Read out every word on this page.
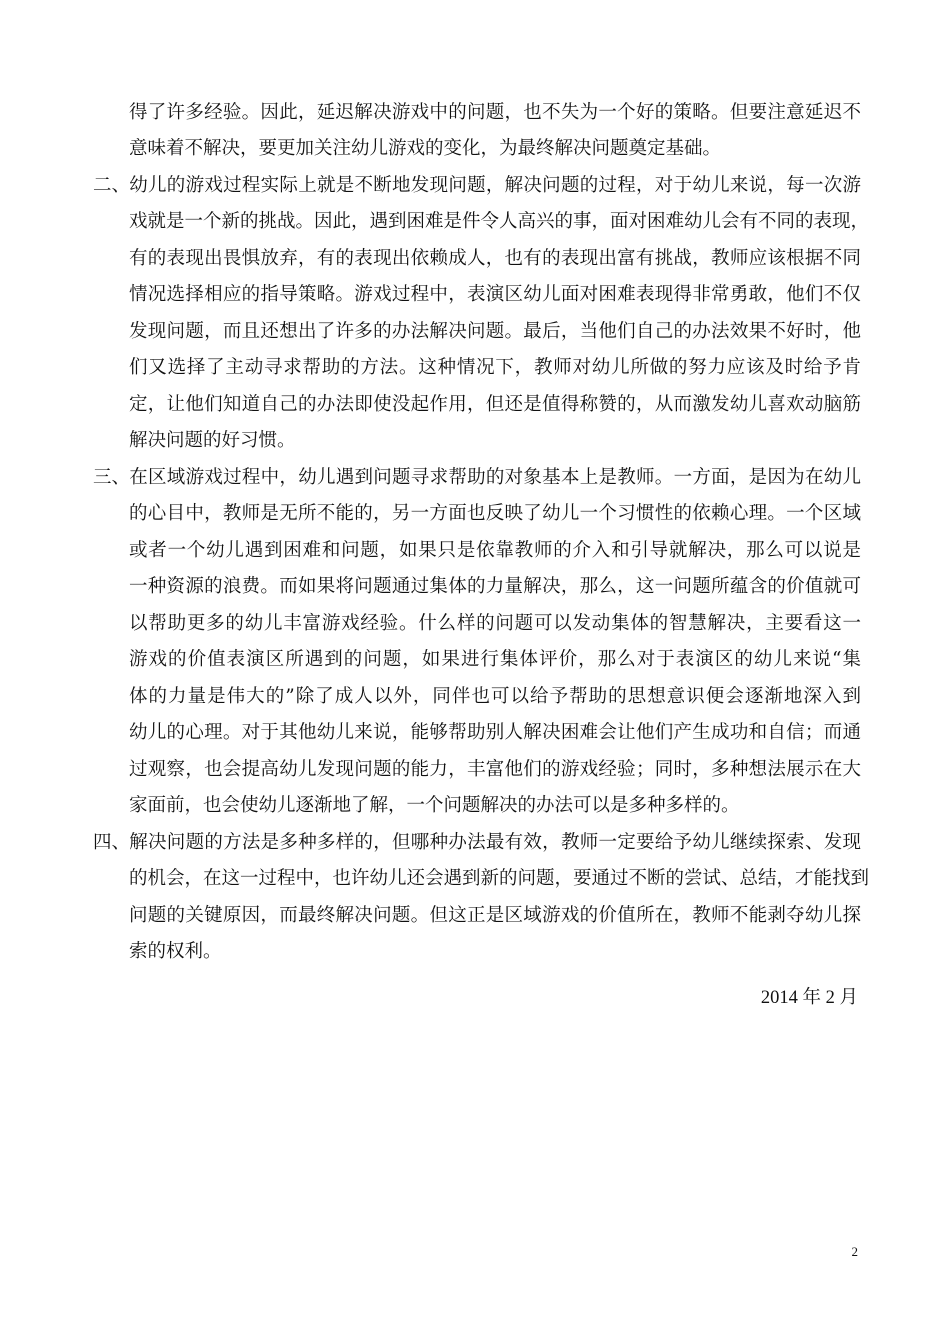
得了许多经验。因此，延迟解决游戏中的问题，也不失为一个好的策略。但要注意延迟不
意味着不解决，要更加关注幼儿游戏的变化，为最终解决问题奠定基础。
二、幼儿的游戏过程实际上就是不断地发现问题，解决问题的过程，对于幼儿来说，每一次游
戏就是一个新的挑战。因此，遇到困难是件令人高兴的事，面对困难幼儿会有不同的表现，
有的表现出畏惧放弃，有的表现出依赖成人，也有的表现出富有挑战，教师应该根据不同
情况选择相应的指导策略。游戏过程中，表演区幼儿面对困难表现得非常勇敢，他们不仅
发现问题，而且还想出了许多的办法解决问题。最后，当他们自己的办法效果不好时，他
们又选择了主动寻求帮助的方法。这种情况下，教师对幼儿所做的努力应该及时给予肯
定，让他们知道自己的办法即使没起作用，但还是值得称赞的，从而激发幼儿喜欢动脑筋
解决问题的好习惯。
三、在区域游戏过程中，幼儿遇到问题寻求帮助的对象基本上是教师。一方面，是因为在幼儿
的心目中，教师是无所不能的，另一方面也反映了幼儿一个习惯性的依赖心理。一个区域
或者一个幼儿遇到困难和问题，如果只是依靠教师的介入和引导就解决，那么可以说是
一种资源的浪费。而如果将问题通过集体的力量解决，那么，这一问题所蕴含的价值就可
以帮助更多的幼儿丰富游戏经验。什么样的问题可以发动集体的智慧解决，主要看这一
游戏的价值表演区所遇到的问题，如果进行集体评价，那么对于表演区的幼儿来说“集
体的力量是伟大的”除了成人以外，同伴也可以给予帮助的思想意识便会逐渐地深入到
幼儿的心理。对于其他幼儿来说，能够帮助别人解决困难会让他们产生成功和自信；而通
过观察，也会提高幼儿发现问题的能力，丰富他们的游戏经验；同时，多种想法展示在大
家面前，也会使幼儿逐渐地了解，一个问题解决的办法可以是多种多样的。
四、解决问题的方法是多种多样的，但哪种办法最有效，教师一定要给予幼儿继续探索、发现
的机会，在这一过程中，也许幼儿还会遇到新的问题，要通过不断的尝试、总结，才能找到
问题的关键原因，而最终解决问题。但这正是区域游戏的价值所在，教师不能剥夺幼儿探
索的权利。
2014 年 2 月
2
